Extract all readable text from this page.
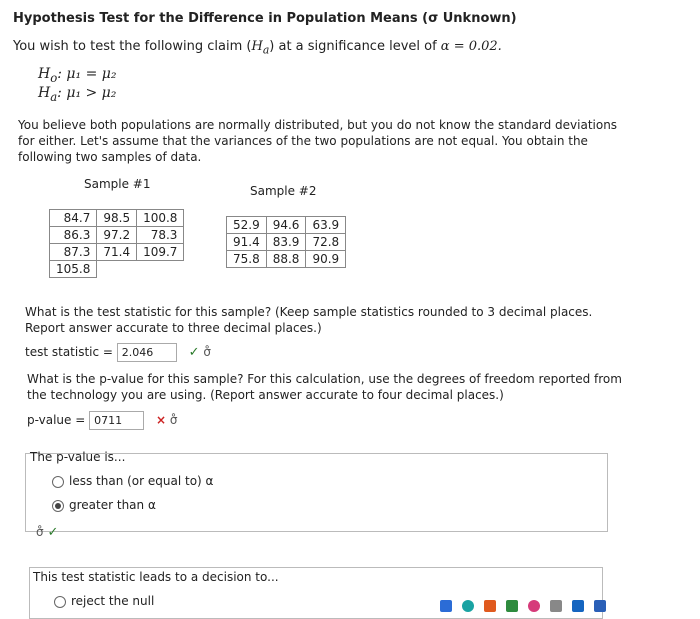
Hypothesis Test for the Difference in Population Means (σ Unknown)
You wish to test the following claim $(H_a)$ at a significance level of α = 0.02.
$H_o$: μ₁ = μ₂
$H_a$: μ₁ > μ₂
You believe both populations are normally distributed, but you do not know the standard deviations for either. Let's assume that the variances of the two populations are not equal. You obtain the following two samples of data.
Sample #1
84.7	98.5	100.8
86.3	97.2	78.3
87.3	71.4	109.7
105.8		
Sample #2
52.9	94.6	63.9
91.4	83.9	72.8
75.8	88.8	90.9
What is the test statistic for this sample? (Keep sample statistics rounded to 3 decimal places. Report answer accurate to three decimal places.)
test statistic = 2.046	✓ σ̊
What is the p-value for this sample? For this calculation, use the degrees of freedom reported from the technology you are using. (Report answer accurate to four decimal places.)
p-value = 0711	× σ̊
The p-value is...
less than (or equal to) α
greater than α
σ̊ ✓
This test statistic leads to a decision to...
reject the null
